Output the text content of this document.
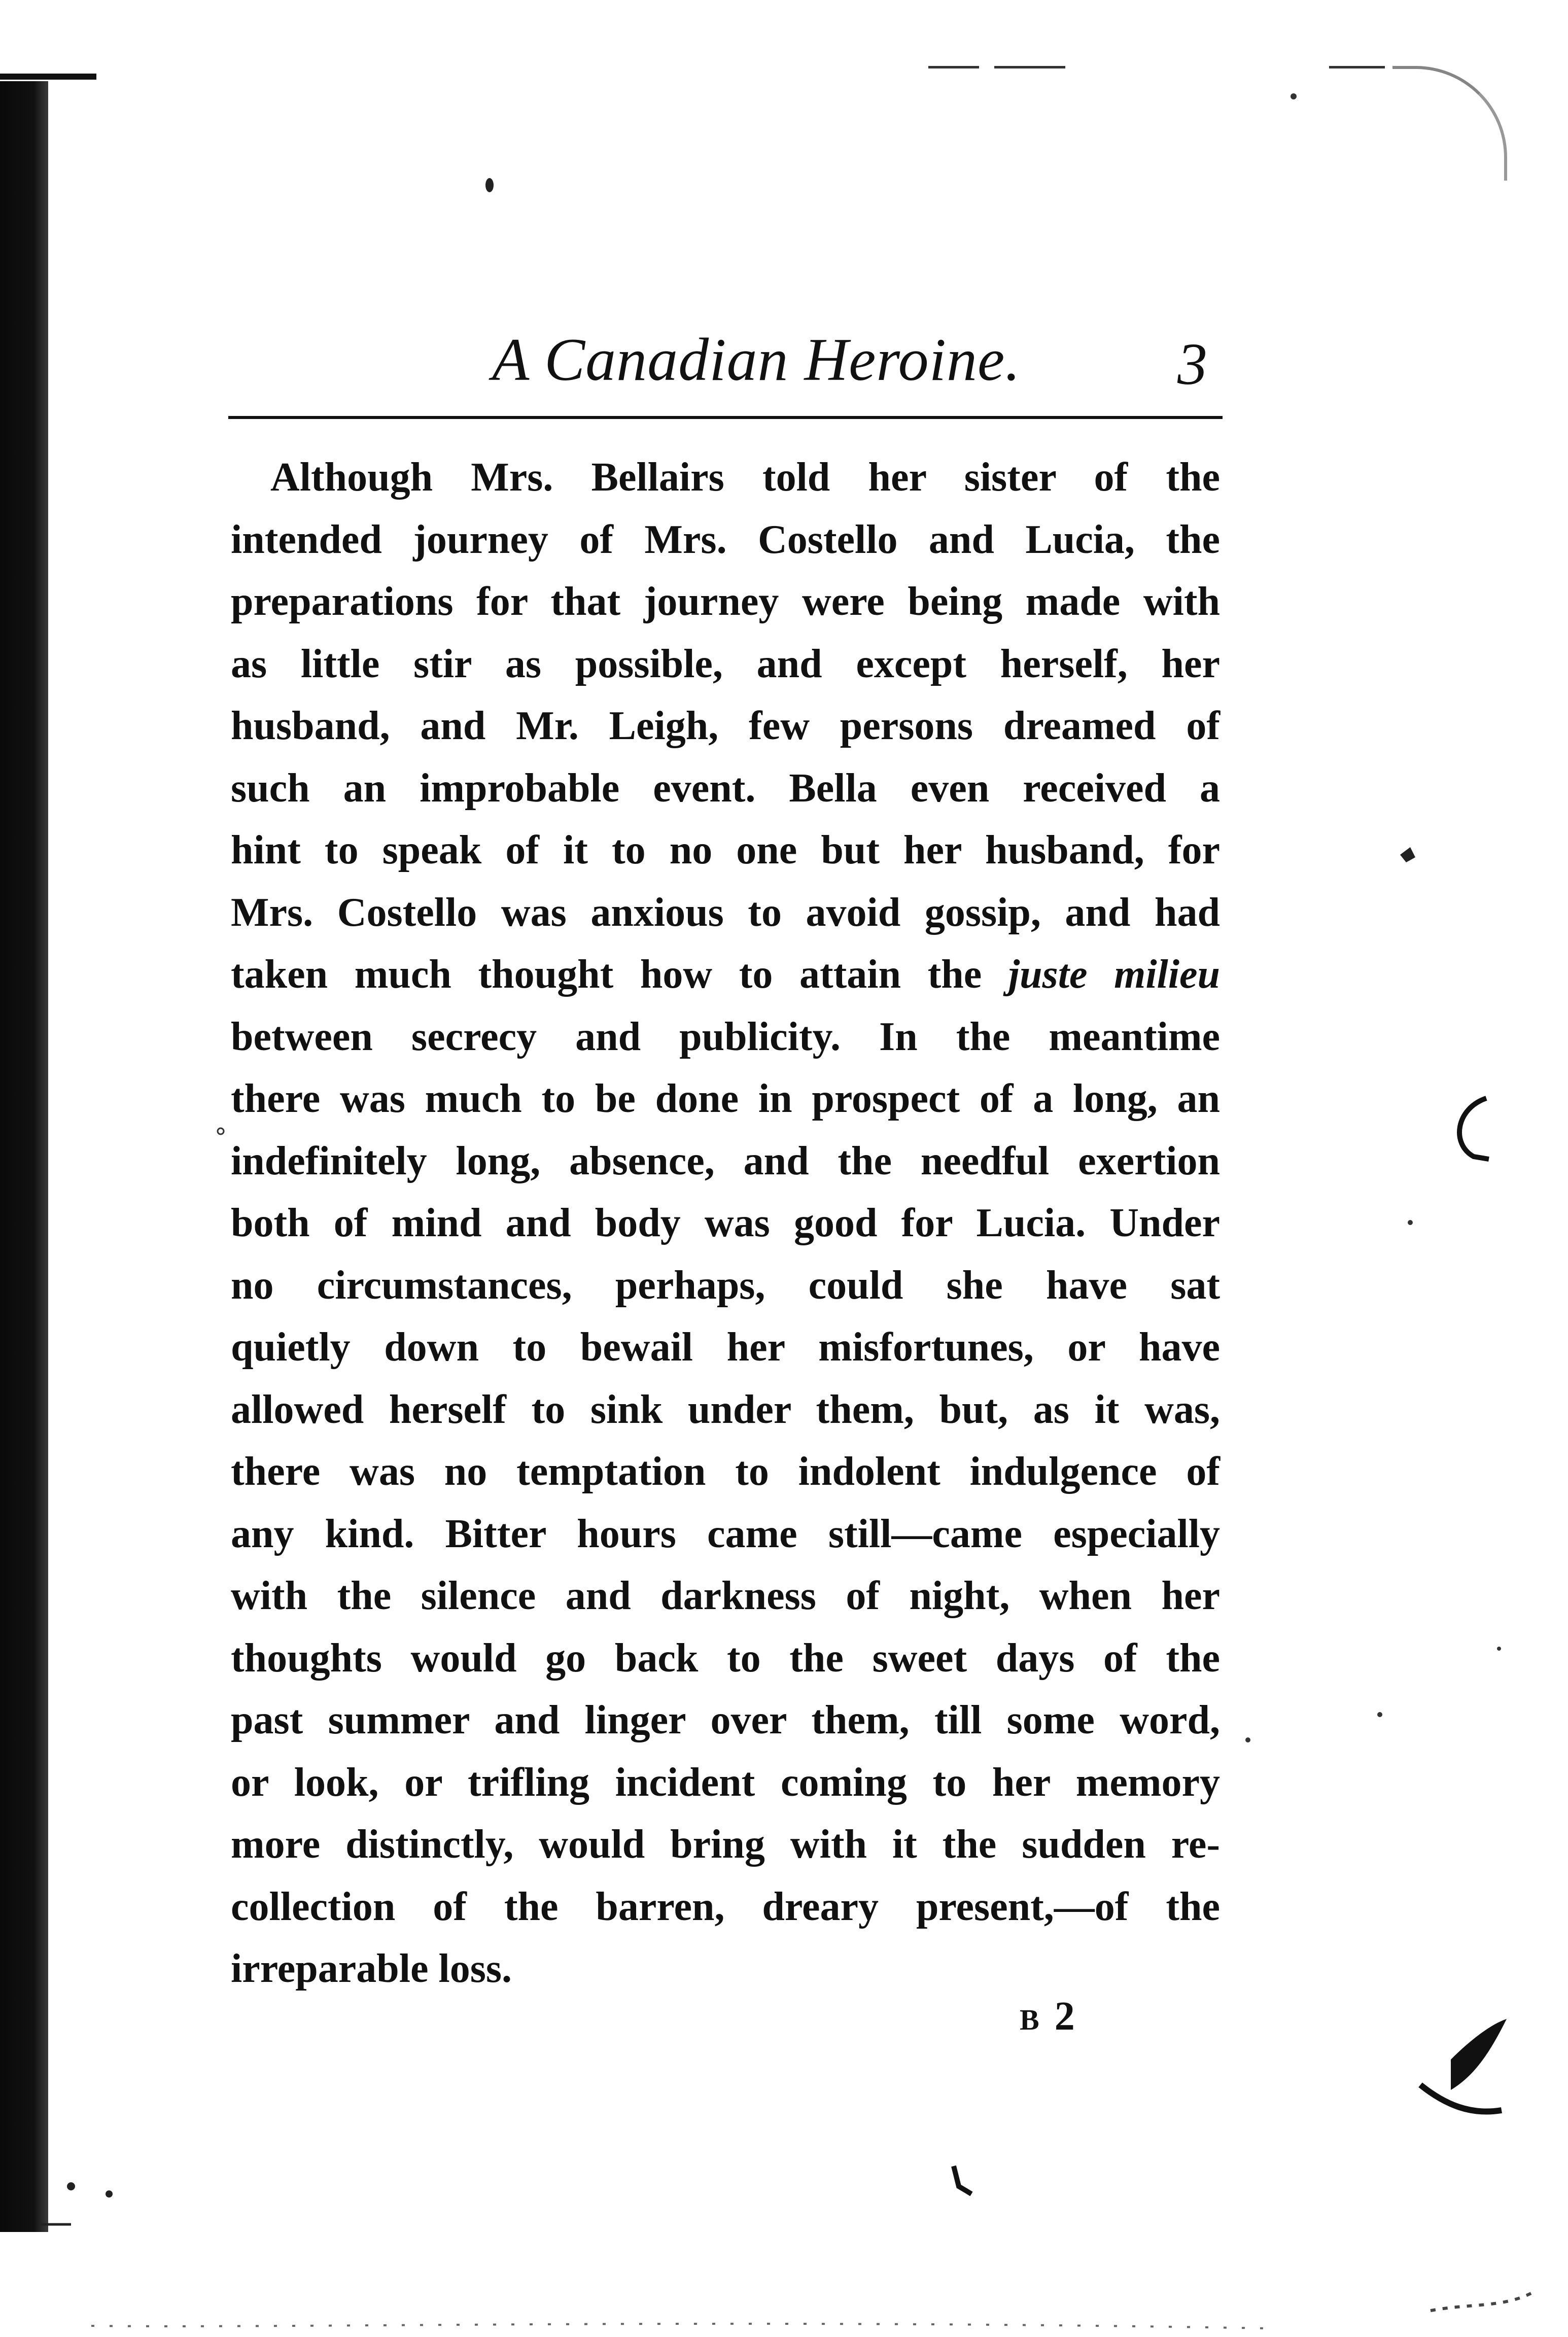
A Canadian Heroine.	3
Although Mrs. Bellairs told her sister of the
intended journey of Mrs. Costello and Lucia, the
preparations for that journey were being made with
as little stir as possible, and except herself, her
husband, and Mr. Leigh, few persons dreamed of
such an improbable event. Bella even received a
hint to speak of it to no one but her husband, for
Mrs. Costello was anxious to avoid gossip, and had
taken much thought how to attain the juste milieu
between secrecy and publicity. In the meantime
there was much to be done in prospect of a long, an
indefinitely long, absence, and the needful exertion
both of mind and body was good for Lucia. Under
no circumstances, perhaps, could she have sat
quietly down to bewail her misfortunes, or have
allowed herself to sink under them, but, as it was,
there was no temptation to indolent indulgence of
any kind. Bitter hours came still—came especially
with the silence and darkness of night, when her
thoughts would go back to the sweet days of the
past summer and linger over them, till some word,
or look, or trifling incident coming to her memory
more distinctly, would bring with it the sudden re-
collection of the barren, dreary present,—of the
irreparable loss.
B 2
